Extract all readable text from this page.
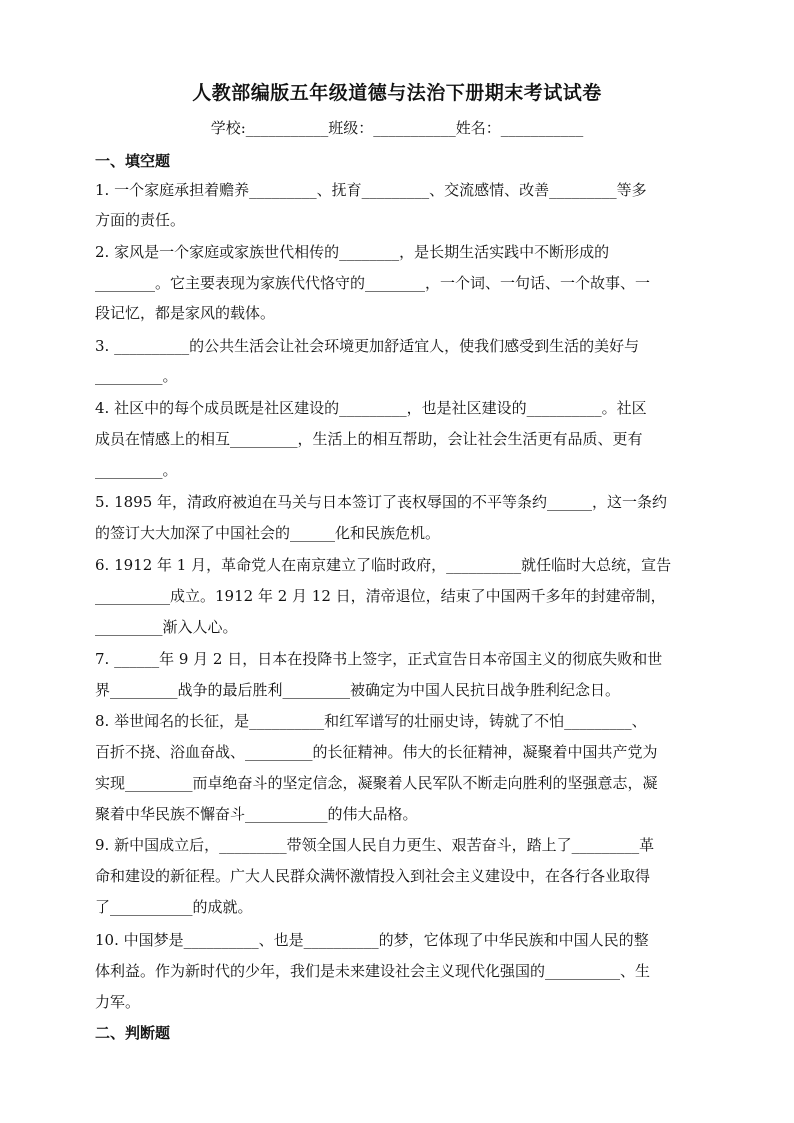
人教部编版五年级道德与法治下册期末考试试卷
学校:___________班级：___________姓名：___________
一、填空题
1. 一个家庭承担着赡养_________、抚育_________、交流感情、改善_________等多
方面的责任。
2. 家风是一个家庭或家族世代相传的________，是长期生活实践中不断形成的
________。它主要表现为家族代代恪守的________，一个词、一句话、一个故事、一
段记忆，都是家风的载体。
3. __________的公共生活会让社会环境更加舒适宜人，使我们感受到生活的美好与
_________。
4. 社区中的每个成员既是社区建设的_________，也是社区建设的__________。社区
成员在情感上的相互_________，生活上的相互帮助，会让社会生活更有品质、更有
_________。
5. 1895 年，清政府被迫在马关与日本签订了丧权辱国的不平等条约______，这一条约
的签订大大加深了中国社会的______化和民族危机。
6. 1912 年 1 月，革命党人在南京建立了临时政府，__________就任临时大总统，宣告
__________成立。1912 年 2 月 12 日，清帝退位，结束了中国两千多年的封建帝制，
_________渐入人心。
7. ______年 9 月 2 日，日本在投降书上签字，正式宣告日本帝国主义的彻底失败和世
界_________战争的最后胜利_________被确定为中国人民抗日战争胜利纪念日。
8. 举世闻名的长征，是__________和红军谱写的壮丽史诗，铸就了不怕_________、
百折不挠、浴血奋战、_________的长征精神。伟大的长征精神，凝聚着中国共产党为
实现_________而卓绝奋斗的坚定信念，凝聚着人民军队不断走向胜利的坚强意志，凝
聚着中华民族不懈奋斗___________的伟大品格。
9. 新中国成立后，_________带领全国人民自力更生、艰苦奋斗，踏上了_________革
命和建设的新征程。广大人民群众满怀激情投入到社会主义建设中，在各行各业取得
了___________的成就。
10. 中国梦是__________、也是__________的梦，它体现了中华民族和中国人民的整
体利益。作为新时代的少年，我们是未来建设社会主义现代化强国的__________、生
力军。
二、判断题
